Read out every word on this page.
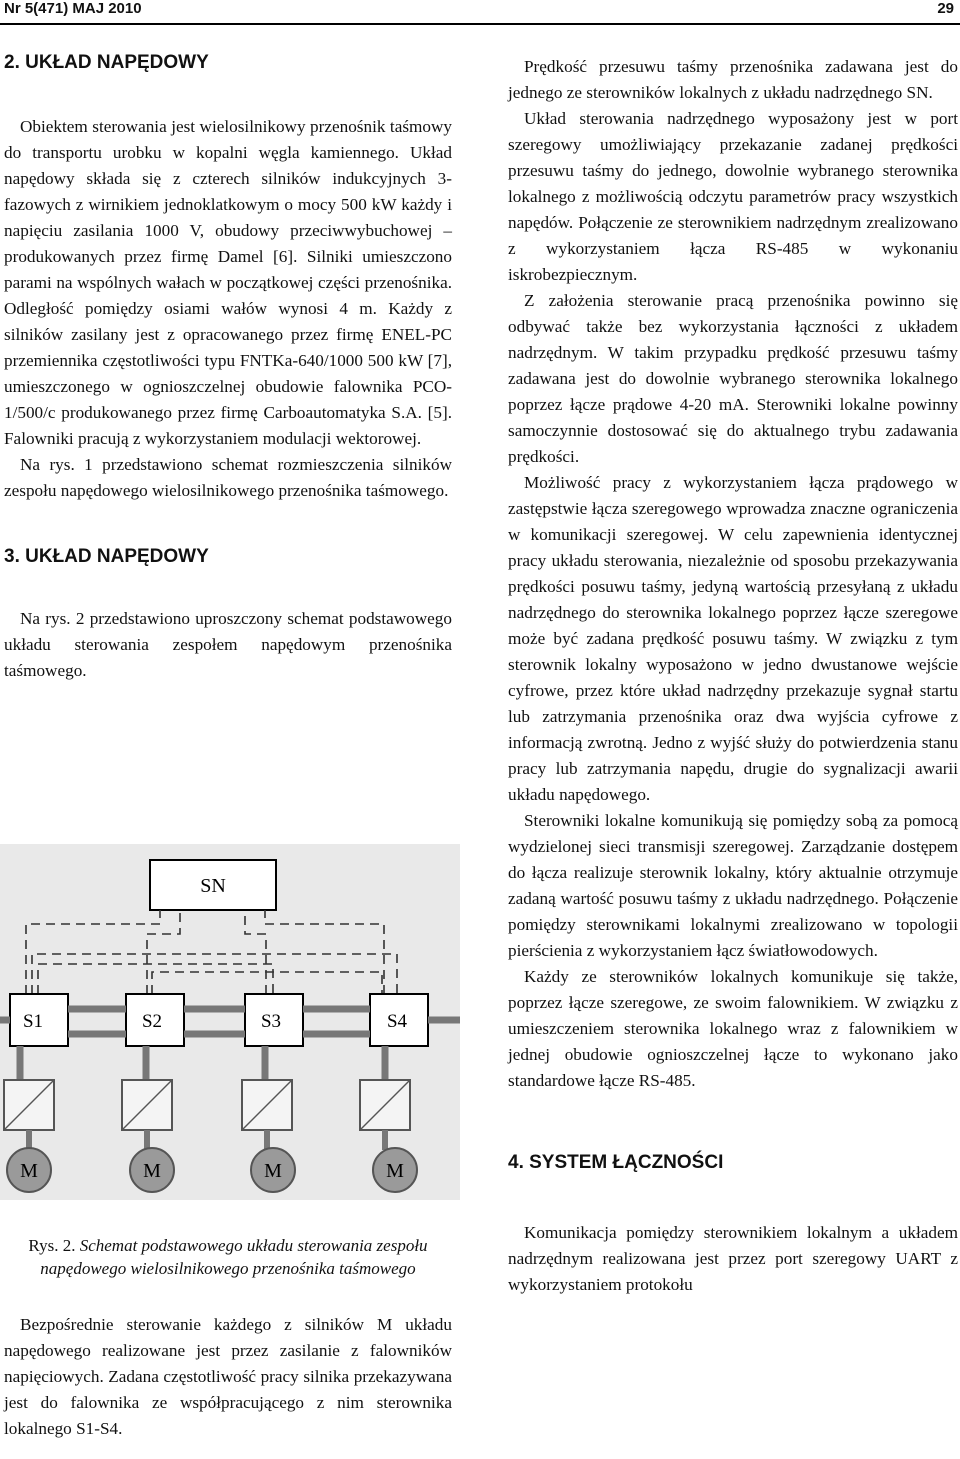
Nr 5(471) MAJ 2010	29
2. UKŁAD NAPĘDOWY

Obiektem sterowania jest wielosilnikowy przenośnik taśmowy do transportu urobku w kopalni węgla kamiennego. Układ napędowy składa się z czterech silników indukcyjnych 3-fazowych z wirnikiem jednoklatkowym o mocy 500 kW każdy i napięciu zasilania 1000 V, obudowy przeciwwybuchowej – produkowanych przez firmę Damel [6]. Silniki umieszczono parami na wspólnych wałach w początkowej części przenośnika. Odległość pomiędzy osiami wałów wynosi 4 m. Każdy z silników zasilany jest z opracowanego przez firmę ENEL-PC przemiennika częstotliwości typu FNTKa-640/1000 500 kW [7], umieszczonego w ognioszczelnej obudowie falownika PCO-1/500/c produkowanego przez firmę Carboautomatyka S.A. [5]. Falowniki pracują z wykorzystaniem modulacji wektorowej.

Na rys. 1 przedstawiono schemat rozmieszczenia silników zespołu napędowego wielosilnikowego przenośnika taśmowego.

3. UKŁAD NAPĘDOWY

Na rys. 2 przedstawiono uproszczony schemat podstawowego układu sterowania zespołem napędowym przenośnika taśmowego.

SN
S1	S2	S3	S4
M	M	M	M

Rys. 2. Schemat podstawowego układu sterowania zespołu napędowego wielosilnikowego przenośnika taśmowego

Bezpośrednie sterowanie każdego z silników M układu napędowego realizowane jest przez zasilanie z falowników napięciowych. Zadana częstotliwość pracy silnika przekazywana jest do falownika ze współpracującego z nim sterownika lokalnego S1-S4.

Prędkość przesuwu taśmy przenośnika zadawana jest do jednego ze sterowników lokalnych z układu nadrzędnego SN.

Układ sterowania nadrzędnego wyposażony jest w port szeregowy umożliwiający przekazanie zadanej prędkości przesuwu taśmy do jednego, dowolnie wybranego sterownika lokalnego z możliwością odczytu parametrów pracy wszystkich napędów. Połączenie ze sterownikiem nadrzędnym zrealizowano z wykorzystaniem łącza RS-485 w wykonaniu iskrobezpiecznym.

Z założenia sterowanie pracą przenośnika powinno się odbywać także bez wykorzystania łączności z układem nadrzędnym. W takim przypadku prędkość przesuwu taśmy zadawana jest do dowolnie wybranego sterownika lokalnego poprzez łącze prądowe 4-20 mA. Sterowniki lokalne powinny samoczynnie dostosować się do aktualnego trybu zadawania prędkości.

Możliwość pracy z wykorzystaniem łącza prądowego w zastępstwie łącza szeregowego wprowadza znaczne ograniczenia w komunikacji szeregowej. W celu zapewnienia identycznej pracy układu sterowania, niezależnie od sposobu przekazywania prędkości posuwu taśmy, jedyną wartością przesyłaną z układu nadrzędnego do sterownika lokalnego poprzez łącze szeregowe może być zadana prędkość posuwu taśmy. W związku z tym sterownik lokalny wyposażono w jedno dwustanowe wejście cyfrowe, przez które układ nadrzędny przekazuje sygnał startu lub zatrzymania przenośnika oraz dwa wyjścia cyfrowe z informacją zwrotną. Jedno z wyjść służy do potwierdzenia stanu pracy lub zatrzymania napędu, drugie do sygnalizacji awarii układu napędowego.

Sterowniki lokalne komunikują się pomiędzy sobą za pomocą wydzielonej sieci transmisji szeregowej. Zarządzanie dostępem do łącza realizuje sterownik lokalny, który aktualnie otrzymuje zadaną wartość posuwu taśmy z układu nadrzędnego. Połączenie pomiędzy sterownikami lokalnymi zrealizowano w topologii pierścienia z wykorzystaniem łącz światłowodowych.

Każdy ze sterowników lokalnych komunikuje się także, poprzez łącze szeregowe, ze swoim falownikiem. W związku z umieszczeniem sterownika lokalnego wraz z falownikiem w jednej obudowie ognioszczelnej łącze to wykonano jako standardowe łącze RS-485.

4. SYSTEM ŁĄCZNOŚCI

Komunikacja pomiędzy sterownikiem lokalnym a układem nadrzędnym realizowana jest przez port szeregowy UART z wykorzystaniem protokołu
